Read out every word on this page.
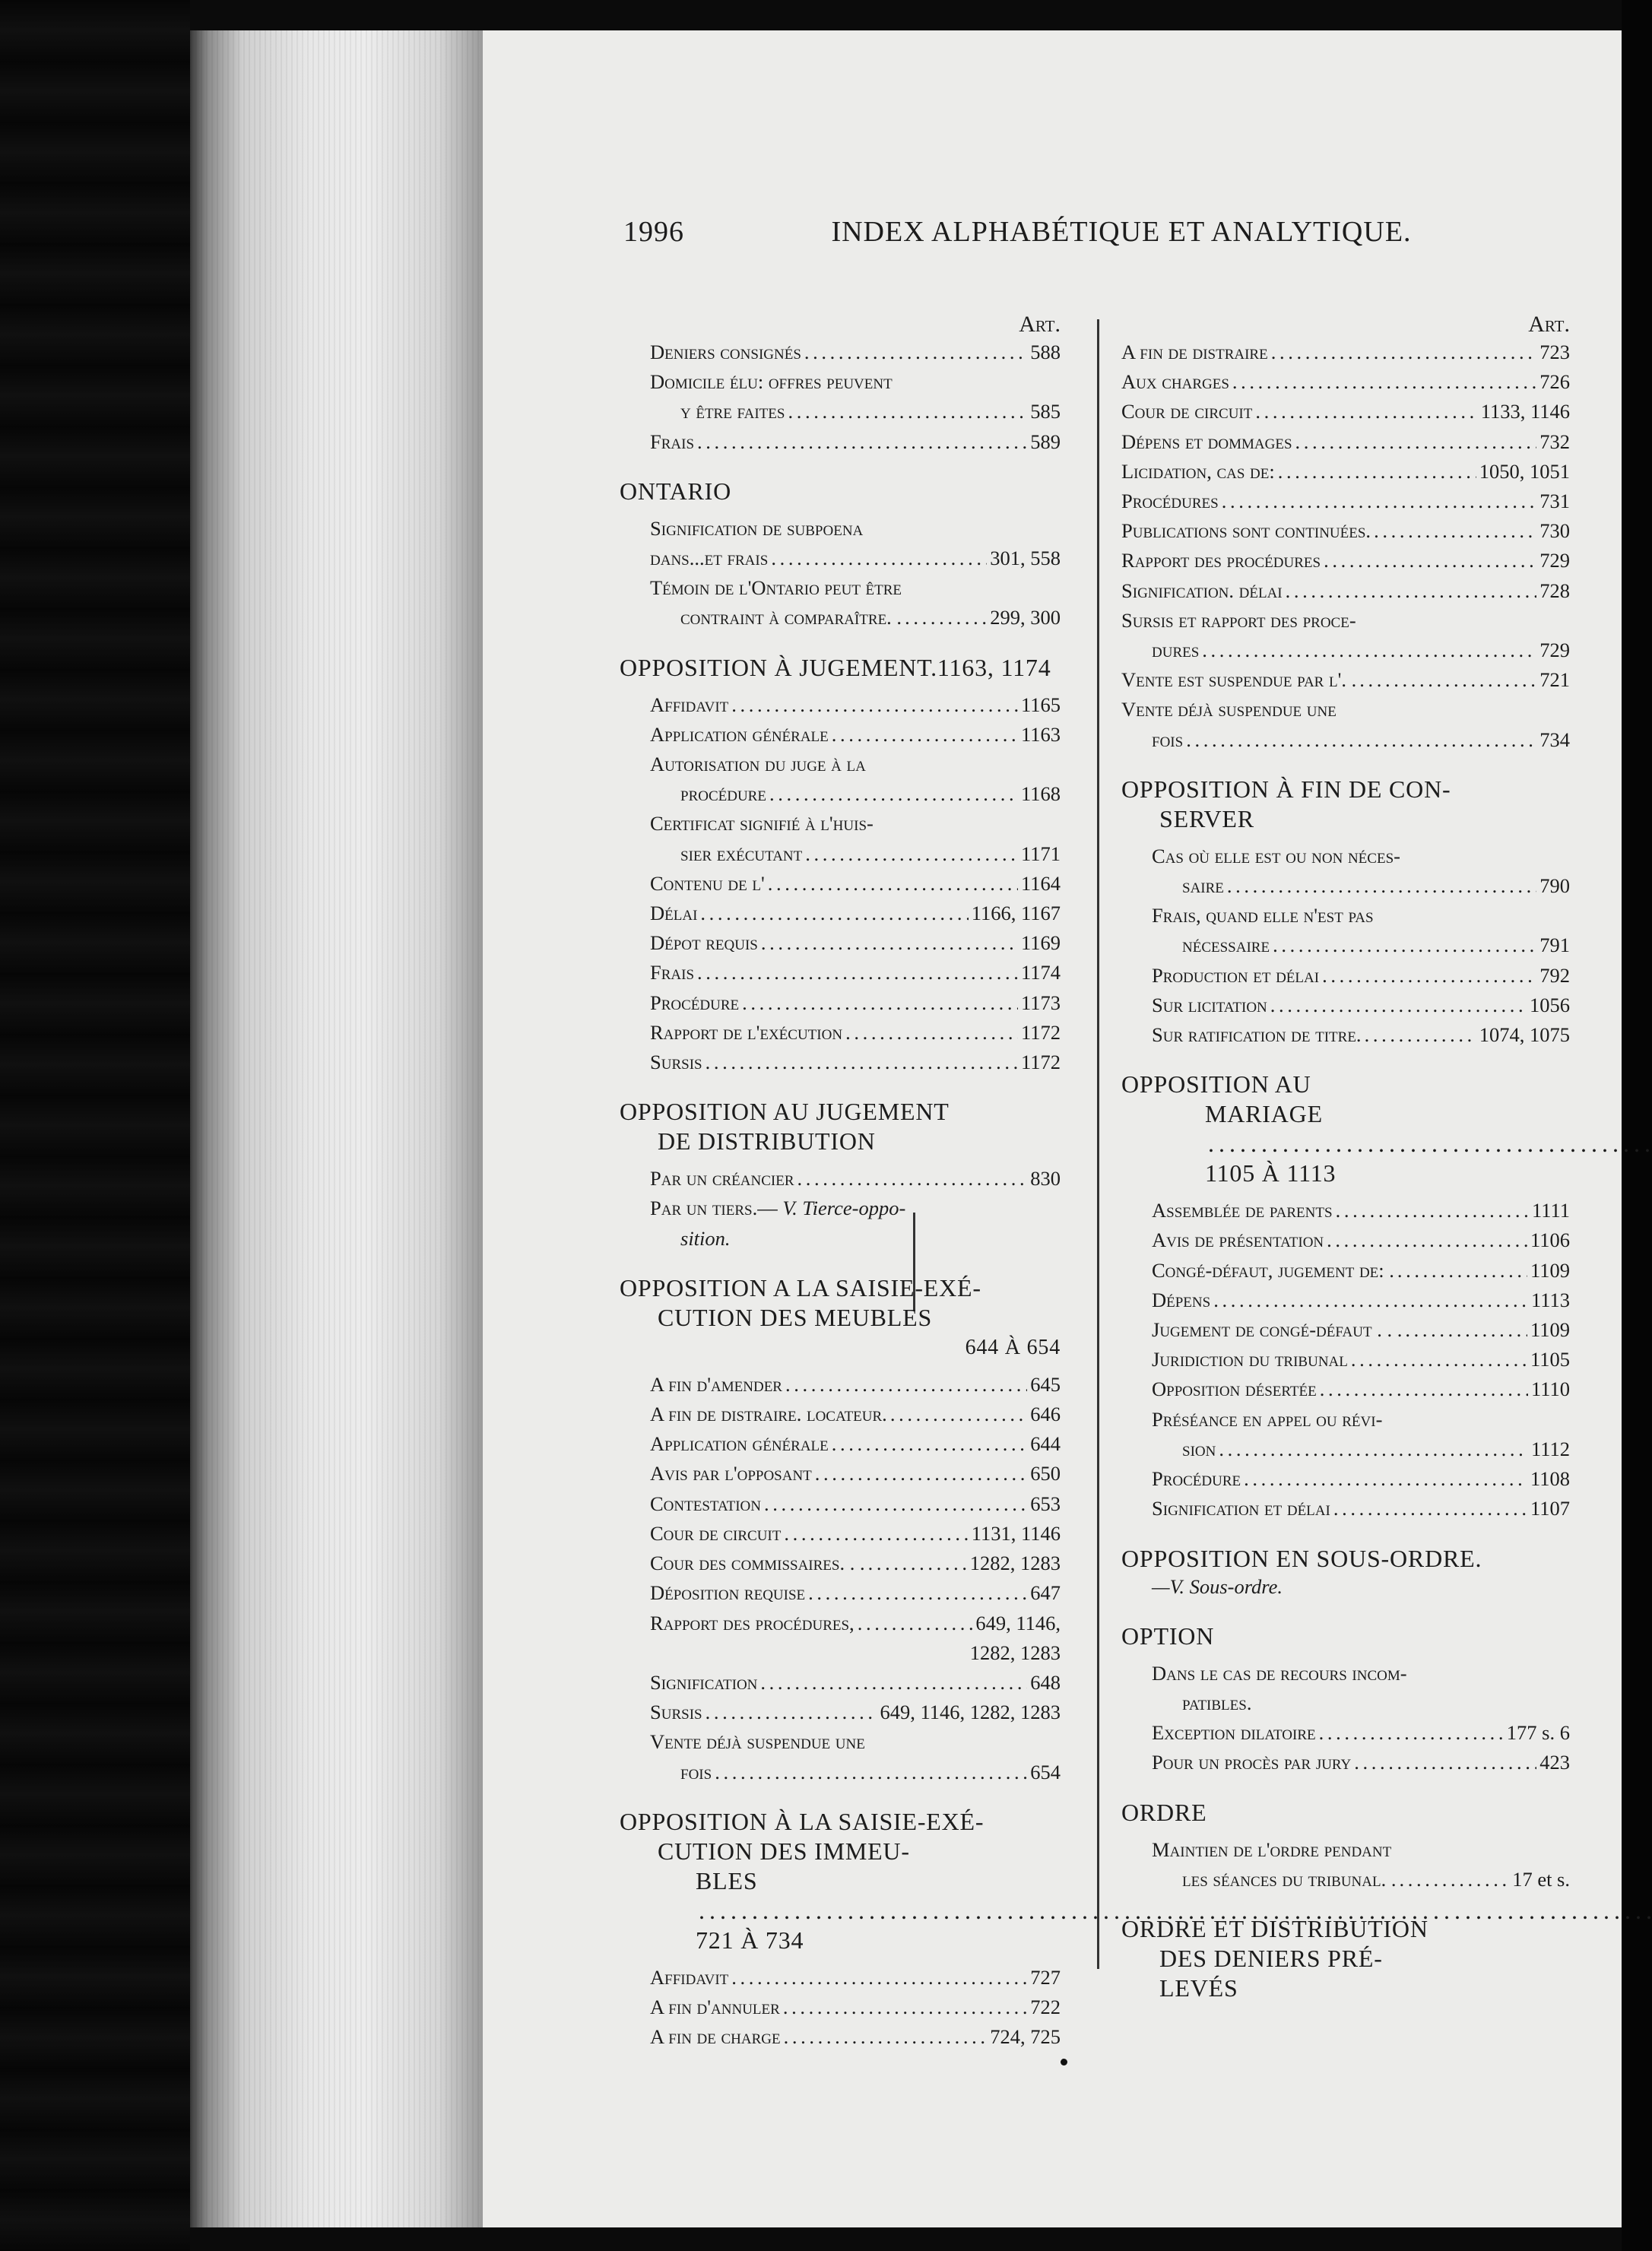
1996	INDEX ALPHABÉTIQUE ET ANALYTIQUE.
Art.
Deniers consignés . . .	588
Domicile élu: offres peuvent
y être faites . . .	585
Frais . . .	589
ONTARIO
Signification de subpoena
dans...et frais . . .	301, 558
Témoin de l'Ontario peut être
contraint à comparaître. . . . .	299, 300
OPPOSITION À JUGEMENT.1163, 1174
Affidavit . . .	1165
Application générale . . .	1163
Autorisation du juge à la
procédure . . .	1168
Certificat signifié à l'huis-
sier exécutant . . .	1171
Contenu de l' . . .	1164
Délai . . .	1166, 1167
Dépot requis . . .	1169
Frais . . .	1174
Procédure . . .	1173
Rapport de l'exécution . . .	1172
Sursis . . .	1172
OPPOSITION AU JUGEMENT
DE DISTRIBUTION
Par un créancier . . .	830
Par un tiers.— V. Tierce-oppo-
sition.
OPPOSITION A LA SAISIE-EXÉ-
CUTION DES MEUBLES
644 À 654
A fin d'amender . . .	645
A fin de distraire. locateur. . . .	646
Application générale . . .	644
Avis par l'opposant . . .	650
Contestation . . .	653
Cour de circuit . . .	1131, 1146
Cour des commissaires. . . . . .	1282, 1283
Déposition requise . . .	647
Rapport des procédures, . . .	649, 1146,
1282, 1283
Signification . . .	648
Sursis . . .	649, 1146, 1282, 1283
Vente déjà suspendue une
fois . . .	654
OPPOSITION À LA SAISIE-EXÉ-
CUTION DES IMMEU-
BLES . . . 721 À 734
Affidavit . . .	727
A fin d'annuler . . .	722
A fin de charge . . .	724, 725
Art.
A fin de distraire . . .	723
Aux charges . . .	726
Cour de circuit . . .	1133, 1146
Dépens et dommages . . .	732
Licidation, cas de: . . .	1050, 1051
Procédures . . .	731
Publications sont continuées. . . .	730
Rapport des procédures . . .	729
Signification. délai . . .	728
Sursis et rapport des proce-
dures . . .	729
Vente est suspendue par l'. . . . .	721
Vente déjà suspendue une
fois . . .	734
OPPOSITION À FIN DE CON-
SERVER
Cas où elle est ou non néces-
saire . . .	790
Frais, quand elle n'est pas
nécessaire . . .	791
Production et délai . . .	792
Sur licitation . . .	1056
Sur ratification de titre. . . .	1074, 1075
OPPOSITION AU
MARIAGE . . . 1105 À 1113
Assemblée de parents . . .	1111
Avis de présentation . . .	1106
Congé-défaut, jugement de: . . . .	1109
Dépens . . .	1113
Jugement de congé-défaut . . . . . .	1109
Juridiction du tribunal . . .	1105
Opposition désertée . . .	1110
Préséance en appel ou révi-
sion . . .	1112
Procédure . . .	1108
Signification et délai . . .	1107
OPPOSITION EN SOUS-ORDRE.
—V. Sous-ordre.
OPTION
Dans le cas de recours incom-
patibles.
Exception dilatoire . . .	177 s. 6
Pour un procès par jury . . .	423
ORDRE
Maintien de l'ordre pendant
les séances du tribunal. . . . .	17 et s.
ORDRE ET DISTRIBUTION
DES DENIERS PRÉ-
LEVÉS
